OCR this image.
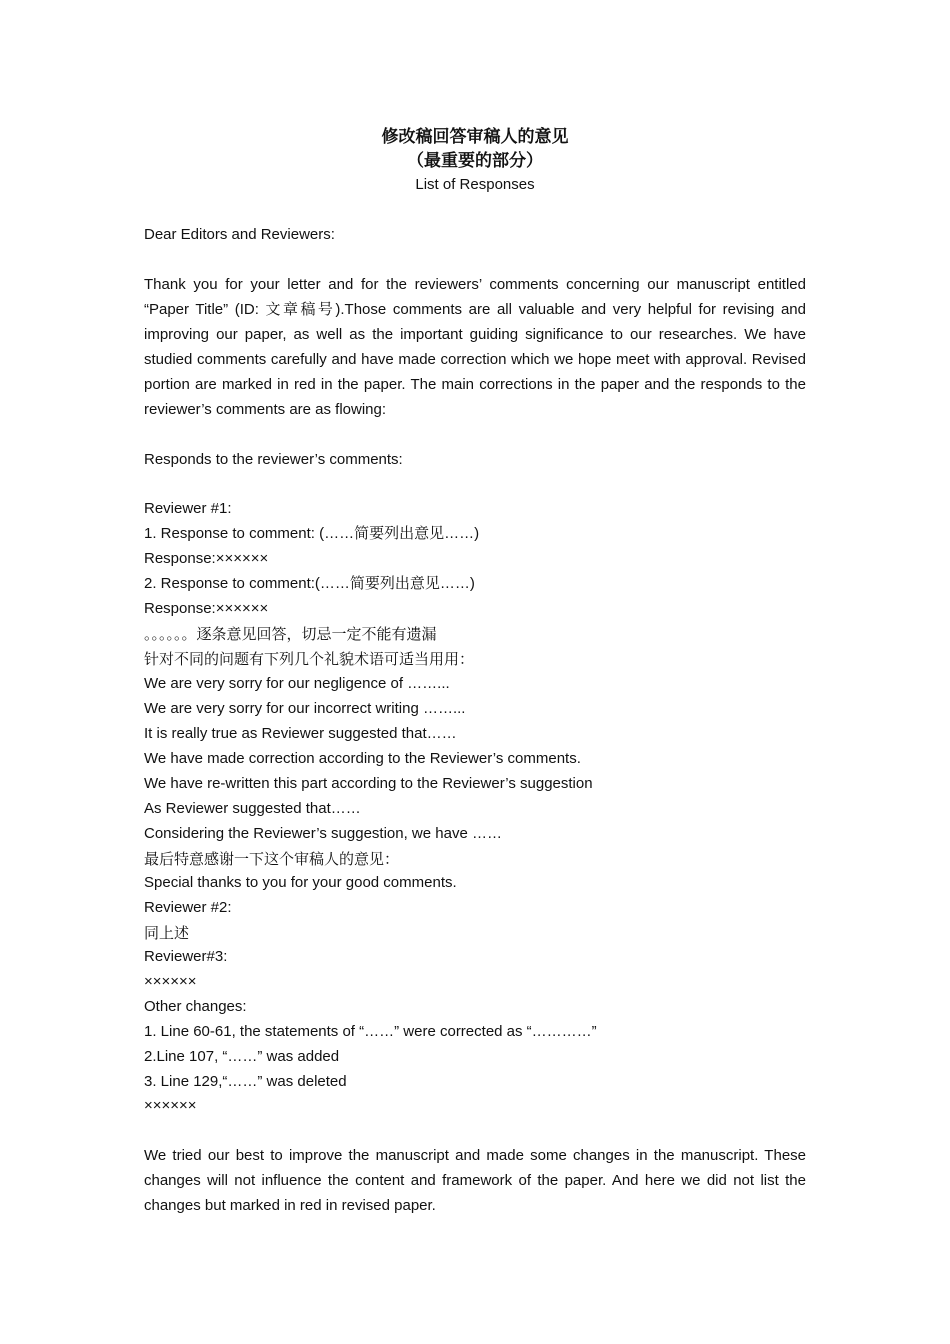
修改稿回答审稿人的意见
（最重要的部分）
List of Responses
Dear Editors and Reviewers:
Thank you for your letter and for the reviewers’ comments concerning our manuscript entitled “Paper Title” (ID: 文章稿号).Those comments are all valuable and very helpful for revising and improving our paper, as well as the important guiding significance to our researches. We have studied comments carefully and have made correction which we hope meet with approval. Revised portion are marked in red in the paper. The main corrections in the paper and the responds to the reviewer’s comments are as flowing:
Responds to the reviewer’s comments:
Reviewer #1:
1. Response to comment: (……简要列出意见……)
Response:××××××
2. Response to comment:(……简要列出意见……)
Response:××××××
。。。。。。逐条意见回答，切忌一定不能有遗漏
针对不同的问题有下列几个礼貌术语可适当用用：
We are very sorry for our negligence of ……...
We are very sorry for our incorrect writing ……...
It is really true as Reviewer suggested that……
We have made correction according to the Reviewer’s comments.
We have re-written this part according to the Reviewer’s suggestion
As Reviewer suggested that……
Considering the Reviewer’s suggestion, we have ……
最后特意感谢一下这个审稿人的意见：
Special thanks to you for your good comments.
Reviewer #2:
同上述
Reviewer#3:
××××××
Other changes:
1. Line 60-61, the statements of “……” were corrected as “…………”
2.Line 107, “……” was added
3. Line 129,“……” was deleted
××××××
We tried our best to improve the manuscript and made some changes in the manuscript. These changes will not influence the content and framework of the paper. And here we did not list the changes but marked in red in revised paper.
